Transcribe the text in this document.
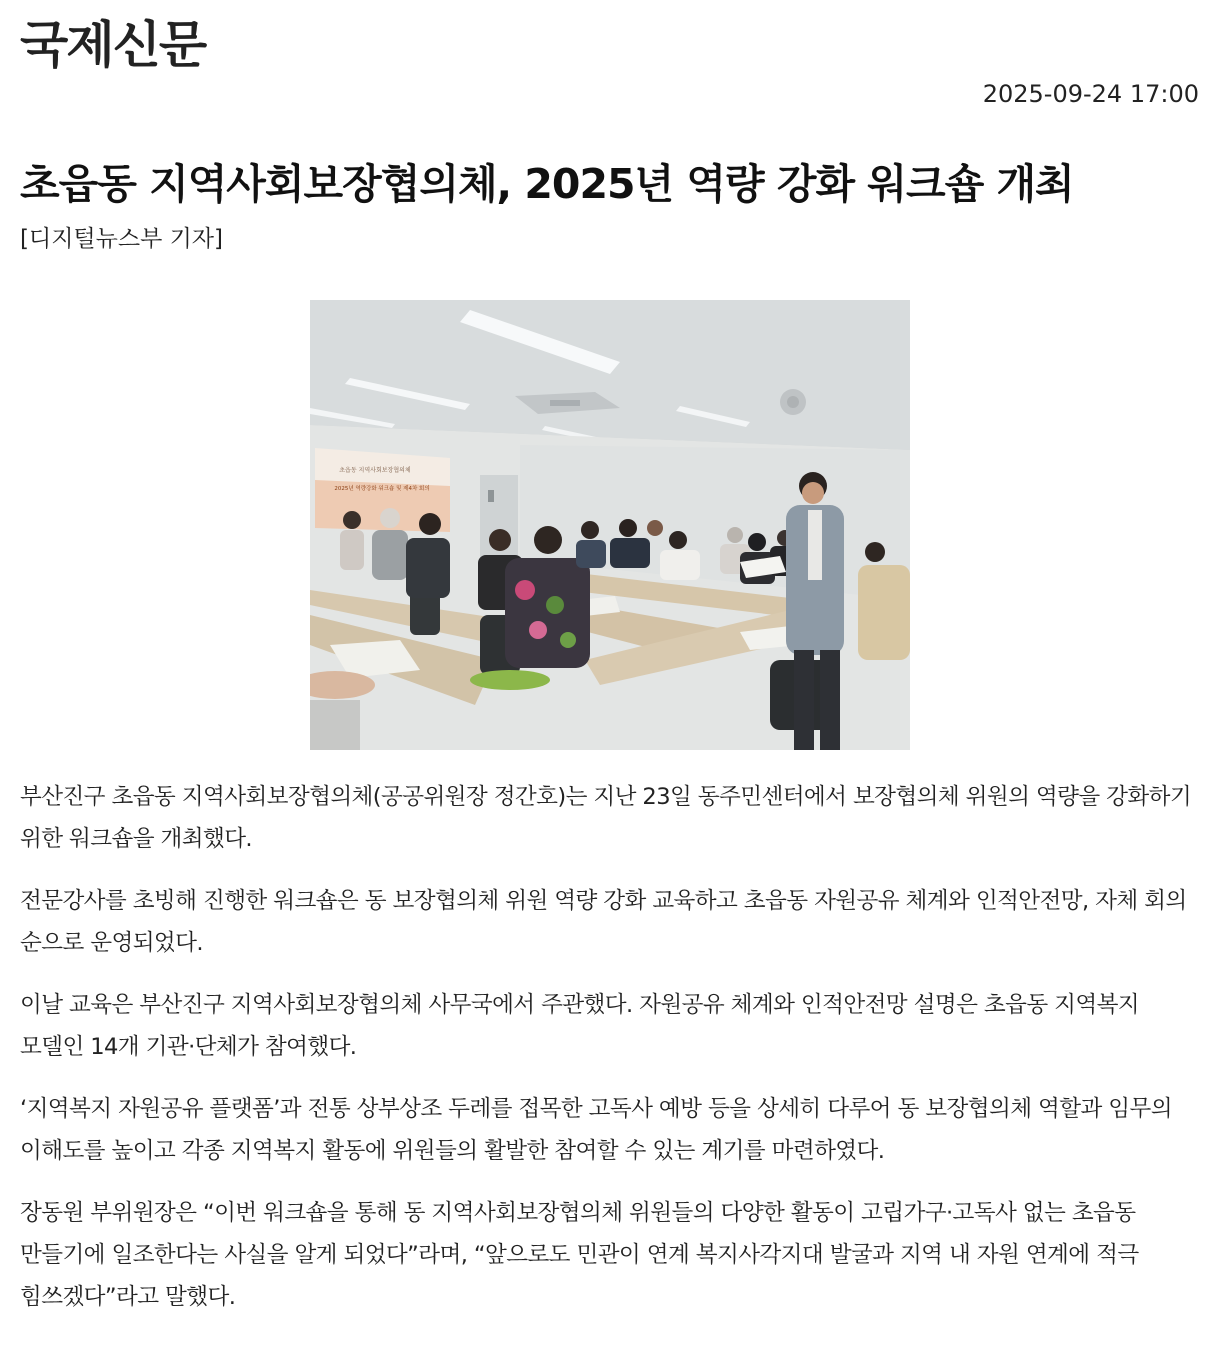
국제신문
2025-09-24 17:00
초읍동 지역사회보장협의체, 2025년 역량 강화 워크숍 개최
[디지털뉴스부 기자]
초읍동 지역사회보장협의체
2025년 역량강화 워크숍 및 제4차 회의

부산진구 초읍동 지역사회보장협의체(공공위원장 정간호)는 지난 23일 동주민센터에서 보장협의체 위원의 역량을 강화하기 위한 워크숍을 개최했다.

전문강사를 초빙해 진행한 워크숍은 동 보장협의체 위원 역량 강화 교육하고 초읍동 자원공유 체계와 인적안전망, 자체 회의 순으로 운영되었다.

이날 교육은 부산진구 지역사회보장협의체 사무국에서 주관했다. 자원공유 체계와 인적안전망 설명은 초읍동 지역복지 모델인 14개 기관·단체가 참여했다.

‘지역복지 자원공유 플랫폼’과 전통 상부상조 두레를 접목한 고독사 예방 등을 상세히 다루어 동 보장협의체 역할과 임무의 이해도를 높이고 각종 지역복지 활동에 위원들의 활발한 참여할 수 있는 계기를 마련하였다.

장동원 부위원장은 “이번 워크숍을 통해 동 지역사회보장협의체 위원들의 다양한 활동이 고립가구·고독사 없는 초읍동 만들기에 일조한다는 사실을 알게 되었다”라며, “앞으로도 민관이 연계 복지사각지대 발굴과 지역 내 자원 연계에 적극 힘쓰겠다”라고 말했다.
